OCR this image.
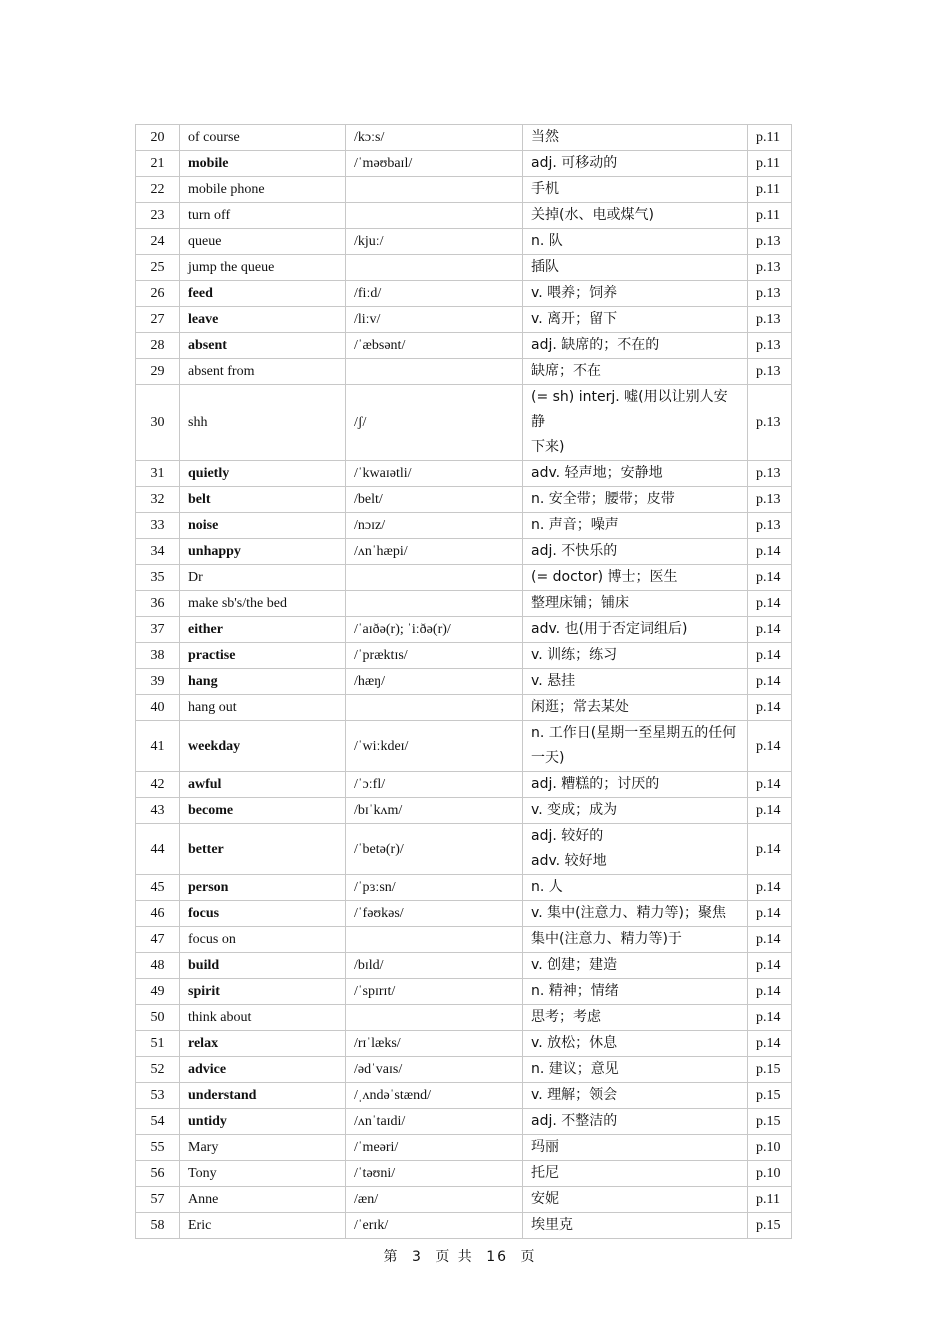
20	of course	/kɔːs/	当然	p.11
21	mobile	/ˈməʊbaɪl/	adj. 可移动的	p.11
22	mobile phone		手机	p.11
23	turn off		关掉(水、电或煤气)	p.11
24	queue	/kjuː/	n. 队	p.13
25	jump the queue		插队	p.13
26	feed	/fiːd/	v. 喂养；饲养	p.13
27	leave	/liːv/	v. 离开；留下	p.13
28	absent	/ˈæbsənt/	adj. 缺席的；不在的	p.13
29	absent from		缺席；不在	p.13
30	shh	/ʃ/	(= sh) interj. 嘘(用以让别人安静
下来)	p.13
31	quietly	/ˈkwaɪətli/	adv. 轻声地；安静地	p.13
32	belt	/belt/	n. 安全带；腰带；皮带	p.13
33	noise	/nɔɪz/	n. 声音；噪声	p.13
34	unhappy	/ʌnˈhæpi/	adj. 不快乐的	p.14
35	Dr		(= doctor) 博士；医生	p.14
36	make sb's/the bed		整理床铺；铺床	p.14
37	either	/ˈaɪðə(r); ˈiːðə(r)/	adv. 也(用于否定词组后)	p.14
38	practise	/ˈpræktɪs/	v. 训练；练习	p.14
39	hang	/hæŋ/	v. 悬挂	p.14
40	hang out		闲逛；常去某处	p.14
41	weekday	/ˈwiːkdeɪ/	n. 工作日(星期一至星期五的任何
一天)	p.14
42	awful	/ˈɔːfl/	adj. 糟糕的；讨厌的	p.14
43	become	/bɪˈkʌm/	v. 变成；成为	p.14
44	better	/ˈbetə(r)/	adj. 较好的
adv. 较好地	p.14
45	person	/ˈpɜːsn/	n. 人	p.14
46	focus	/ˈfəʊkəs/	v. 集中(注意力、精力等)；聚焦	p.14
47	focus on		集中(注意力、精力等)于	p.14
48	build	/bɪld/	v. 创建；建造	p.14
49	spirit	/ˈspɪrɪt/	n. 精神；情绪	p.14
50	think about		思考；考虑	p.14
51	relax	/rɪˈlæks/	v. 放松；休息	p.14
52	advice	/ədˈvaɪs/	n. 建议；意见	p.15
53	understand	/ˌʌndəˈstænd/	v. 理解；领会	p.15
54	untidy	/ʌnˈtaɪdi/	adj. 不整洁的	p.15
55	Mary	/ˈmeəri/	玛丽	p.10
56	Tony	/ˈtəʊni/	托尼	p.10
57	Anne	/æn/	安妮	p.11
58	Eric	/ˈerɪk/	埃里克	p.15
第 3 页 共 16 页
